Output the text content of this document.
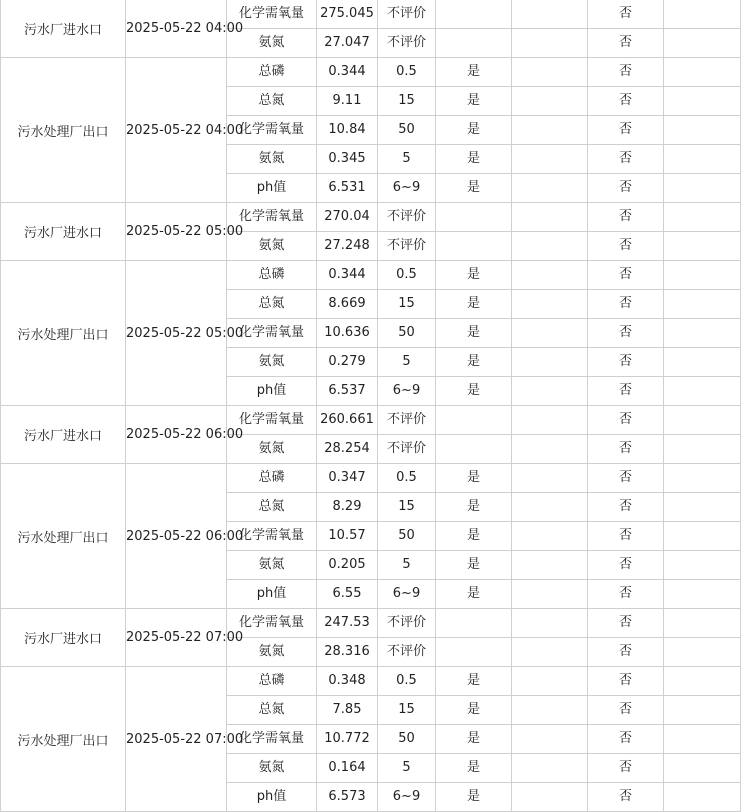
污水厂进水口	2025-05-22 04:00	化学需氧量	275.045	不评价			否	
		氨氮	27.047	不评价			否	
污水处理厂出口	2025-05-22 04:00	总磷	0.344	0.5	是		否	
		总氮	9.11	15	是		否	
		化学需氧量	10.84	50	是		否	
		氨氮	0.345	5	是		否	
		ph值	6.531	6~9	是		否	
污水厂进水口	2025-05-22 05:00	化学需氧量	270.04	不评价			否	
		氨氮	27.248	不评价			否	
污水处理厂出口	2025-05-22 05:00	总磷	0.344	0.5	是		否	
		总氮	8.669	15	是		否	
		化学需氧量	10.636	50	是		否	
		氨氮	0.279	5	是		否	
		ph值	6.537	6~9	是		否	
污水厂进水口	2025-05-22 06:00	化学需氧量	260.661	不评价			否	
		氨氮	28.254	不评价			否	
污水处理厂出口	2025-05-22 06:00	总磷	0.347	0.5	是		否	
		总氮	8.29	15	是		否	
		化学需氧量	10.57	50	是		否	
		氨氮	0.205	5	是		否	
		ph值	6.55	6~9	是		否	
污水厂进水口	2025-05-22 07:00	化学需氧量	247.53	不评价			否	
		氨氮	28.316	不评价			否	
污水处理厂出口	2025-05-22 07:00	总磷	0.348	0.5	是		否	
		总氮	7.85	15	是		否	
		化学需氧量	10.772	50	是		否	
		氨氮	0.164	5	是		否	
		ph值	6.573	6~9	是		否	
